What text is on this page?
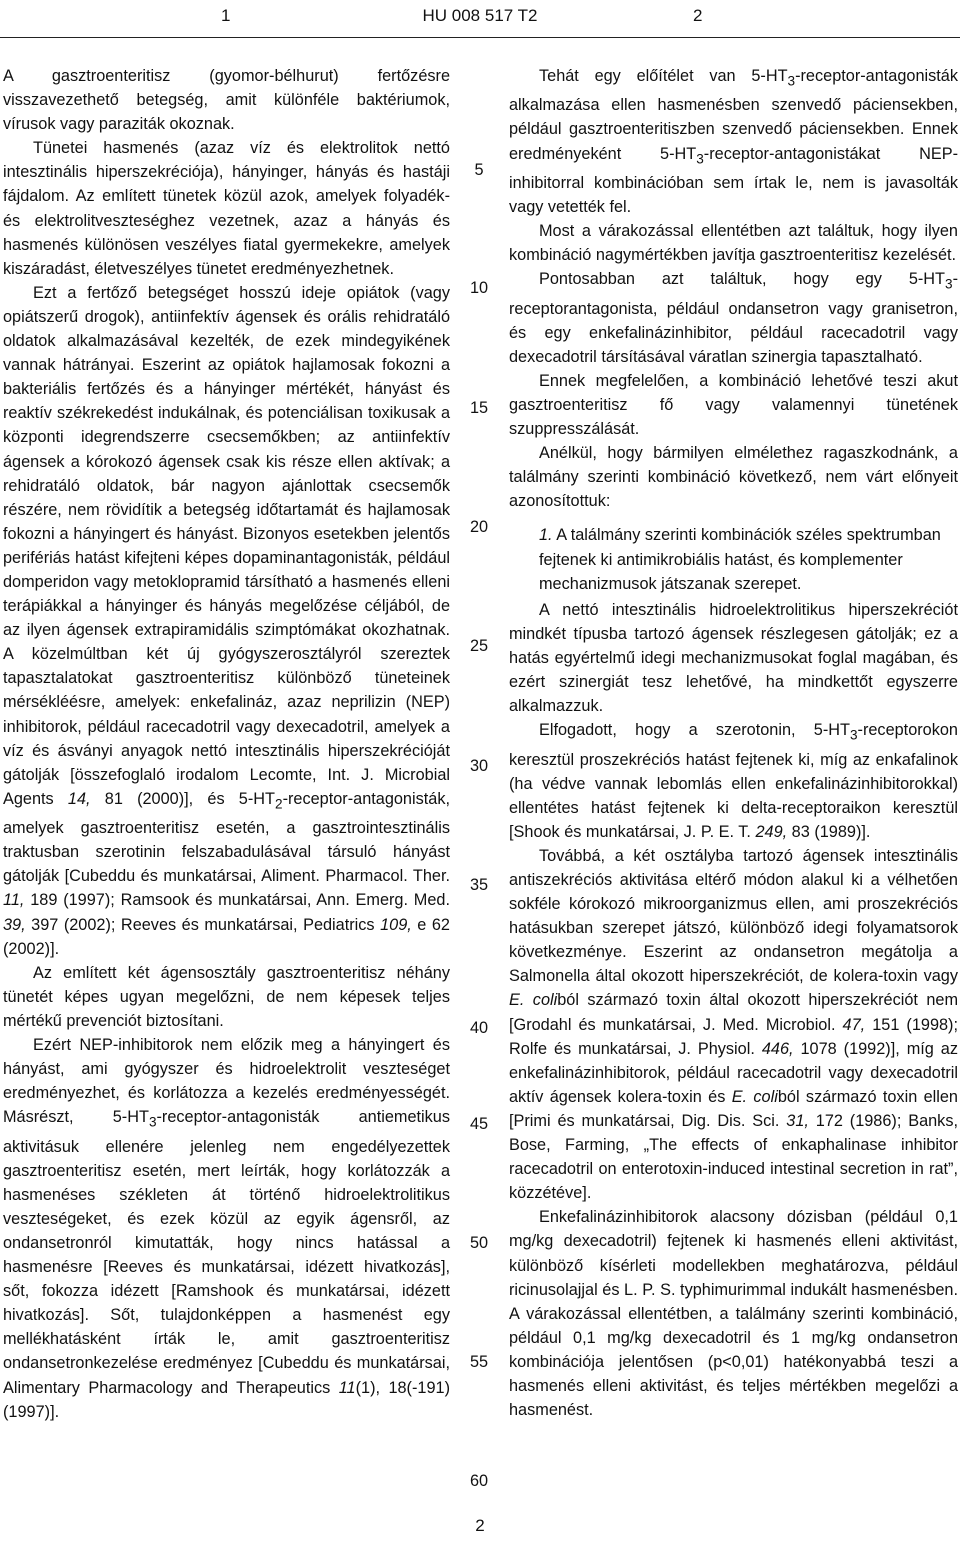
1	HU 008 517 T2	2

A gasztroenteritisz (gyomor-bélhurut) fertőzésre visszavezethető betegség, amit különféle baktériumok, vírusok vagy paraziták okoznak.

Tünetei hasmenés (azaz víz és elektrolitok nettó intesztinális hiperszekréciója), hányinger, hányás és hastáji fájdalom. Az említett tünetek közül azok, amelyek folyadék- és elektrolitveszteséghez vezetnek, azaz a hányás és hasmenés különösen veszélyes fiatal gyermekekre, amelyek kiszáradást, életveszélyes tünetet eredményezhetnek.

Ezt a fertőző betegséget hosszú ideje opiátok (vagy opiátszerű drogok), antiinfektív ágensek és orális rehidratáló oldatok alkalmazásával kezelték, de ezek mindegyikének vannak hátrányai. Eszerint az opiátok hajlamosak fokozni a bakteriális fertőzés és a hányinger mértékét, hányást és reaktív székrekedést indukálnak, és potenciálisan toxikusak a központi idegrendszerre csecsemőkben; az antiinfektív ágensek a kórokozó ágensek csak kis része ellen aktívak; a rehidratáló oldatok, bár nagyon ajánlottak csecsemők részére, nem rövidítik a betegség időtartamát és hajlamosak fokozni a hányingert és hányást. Bizonyos esetekben jelentős perifériás hatást kifejteni képes dopaminantagonisták, például domperidon vagy metoklopramid társítható a hasmenés elleni terápiákkal a hányinger és hányás megelőzése céljából, de az ilyen ágensek extrapiramidális szimptómákat okozhatnak. A közelmúltban két új gyógyszerosztályról szereztek tapasztalatokat gasztroenteritisz különböző tüneteinek mérsékléésre, amelyek: enkefalináz, azaz neprilizin (NEP) inhibitorok, például racecadotril vagy dexecadotril, amelyek a víz és ásványi anyagok nettó intesztinális hiperszekrécióját gátolják [összefoglaló irodalom Lecomte, Int. J. Microbial Agents 14, 81 (2000)], és $5-HT_2-receptor$-antagonisták, amelyek gasztroenteritisz esetén, a gasztrointesztinális traktusban szerotinin felszabadulásával társuló hányást gátolják [Cubeddu és munkatársai, Aliment. Pharmacol. Ther. 11, 189 (1997); Ramsook és munkatársai, Ann. Emerg. Med. 39, 397 (2002); Reeves és munkatársai, Pediatrics 109, e 62 (2002)].

Az említett két ágensosztály gasztroenteritisz néhány tünetét képes ugyan megelőzni, de nem képesek teljes mértékű prevenciót biztosítani.

Ezért NEP-inhibitorok nem előzik meg a hányingert és hányást, ami gyógyszer és hidroelektrolit veszteséget eredményezhet, és korlátozza a kezelés eredményességét. Másrészt, $5-HT_3-receptor$-antagonisták antiemetikus aktivitásuk ellenére jelenleg nem engedélyezettek gasztroenteritisz esetén, mert leírták, hogy korlátozzák a hasmenéses székleten át történő hidroelektrolitikus veszteségeket, és ezek közül az egyik ágensről, az ondansetronról kimutatták, hogy nincs hatással a hasmenésre [Reeves és munkatársai, idézett hivatkozás], sőt, fokozza idézett [Ramshook és munkatársai, idézett hivatkozás]. Sőt, tulajdonképpen a hasmenést egy mellékhatásként írták le, amit gasztroenteritisz ondansetronkezelése eredményez [Cubeddu és munkatársai, Alimentary Pharmacology and Therapeutics 11(1), 18(-191) (1997)].

5
10
15
20
25
30
35
40
45
50
55
60

Tehát egy előítélet van $5-HT_3-receptor$-antagonisták alkalmazása ellen hasmenésben szenvedő páciensekben, például gasztroenteritiszben szenvedő páciensekben. Ennek eredményeként $5-HT_3-receptor$-antagonistákat NEP-inhibitorral kombinációban sem írtak le, nem is javasolták vagy vetették fel.

Most a várakozással ellentétben azt találtuk, hogy ilyen kombináció nagymértékben javítja gasztroenteritisz kezelését.

Pontosabban azt találtuk, hogy egy $5-HT_3$-receptorantagonista, például ondansetron vagy granisetron, és egy enkefalinázinhibitor, például racecadotril vagy dexecadotril társításával váratlan szinergia tapasztalható.

Ennek megfelelően, a kombináció lehetővé teszi akut gasztroenteritisz fő vagy valamennyi tünetének szuppresszálását.

Anélkül, hogy bármilyen elmélethez ragaszkodnánk, a találmány szerinti kombináció következő, nem várt előnyeit azonosítottuk:

1. A találmány szerinti kombinációk széles spektrumban fejtenek ki antimikrobiális hatást, és komplementer mechanizmusok játszanak szerepet.

A nettó intesztinális hidroelektrolitikus hiperszekréciót mindkét típusba tartozó ágensek részlegesen gátolják; ez a hatás egyértelmű idegi mechanizmusokat foglal magában, és ezért szinergiát tesz lehetővé, ha mindkettőt egyszerre alkalmazzuk.

Elfogadott, hogy a szerotonin, $5-HT_3$-receptorokon keresztül proszekréciós hatást fejtenek ki, míg az enkafalinok (ha védve vannak lebomlás ellen enkefalinázinhibitorokkal) ellentétes hatást fejtenek ki delta-receptoraikon keresztül [Shook és munkatársai, J. P. E. T. 249, 83 (1989)].

Továbbá, a két osztályba tartozó ágensek intesztinális antiszekréciós aktivitása eltérő módon alakul ki a vélhetően sokféle kórokozó mikroorganizmus ellen, ami proszekréciós hatásukban szerepet játszó, különböző idegi folyamatsorok következménye. Eszerint az ondansetron megátolja a Salmonella által okozott hiperszekréciót, de kolera-toxin vagy E. coliból származó toxin által okozott hiperszekréciót nem [Grodahl és munkatársai, J. Med. Microbiol. 47, 151 (1998); Rolfe és munkatársai, J. Physiol. 446, 1078 (1992)], míg az enkefalinázinhibitorok, például racecadotril vagy dexecadotril aktív ágensek kolera-toxin és E. coliból származó toxin ellen [Primi és munkatársai, Dig. Dis. Sci. 31, 172 (1986); Banks, Bose, Farming, „The effects of enkaphalinase inhibitor racecadotril on enterotoxin-induced intestinal secretion in rat”, közzétéve].

Enkefalinázinhibitorok alacsony dózisban (például 0,1 mg/kg dexecadotril) fejtenek ki hasmenés elleni aktivitást, különböző kísérleti modellekben meghatározva, például ricinusolajjal és L. P. S. typhimurimmal indukált hasmenésben. A várakozással ellentétben, a találmány szerinti kombináció, például 0,1 mg/kg dexecadotril és 1 mg/kg ondansetron kombinációja jelentősen (p<0,01) hatékonyabbá teszi a hasmenés elleni aktivitást, és teljes mértékben megelőzi a hasmenést.

2
